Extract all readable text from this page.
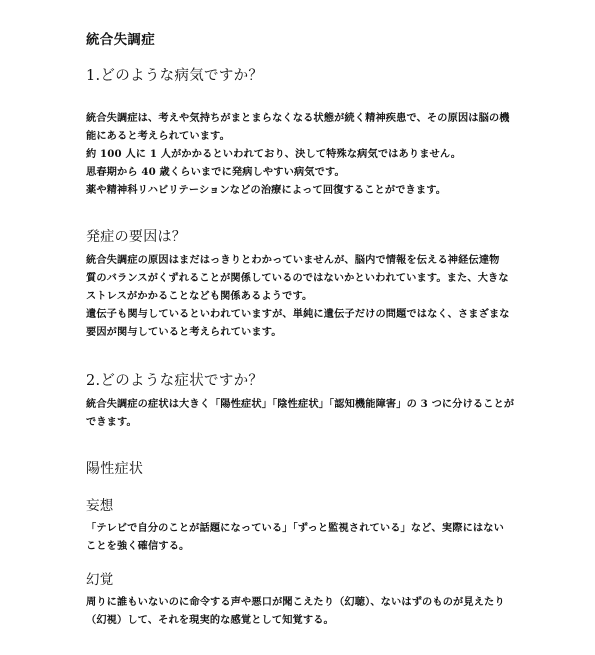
統合失調症
1.どのような病気ですか？
統合失調症は、考えや気持ちがまとまらなくなる状態が続く精神疾患で、その原因は脳の機
能にあると考えられています。
約 100 人に 1 人がかかるといわれており、決して特殊な病気ではありません。
思春期から 40 歳くらいまでに発病しやすい病気です。
薬や精神科リハビリテーションなどの治療によって回復することができます。
発症の要因は？
統合失調症の原因はまだはっきりとわかっていませんが、脳内で情報を伝える神経伝達物
質のバランスがくずれることが関係しているのではないかといわれています。また、大きな
ストレスがかかることなども関係あるようです。
遺伝子も関与しているといわれていますが、単純に遺伝子だけの問題ではなく、さまざまな
要因が関与していると考えられています。
2.どのような症状ですか？
統合失調症の症状は大きく「陽性症状」「陰性症状」「認知機能障害」の 3 つに分けることが
できます。
陽性症状
妄想
「テレビで自分のことが話題になっている」「ずっと監視されている」など、実際にはない
ことを強く確信する。
幻覚
周りに誰もいないのに命令する声や悪口が聞こえたり（幻聴）、ないはずのものが見えたり
（幻視）して、それを現実的な感覚として知覚する。
